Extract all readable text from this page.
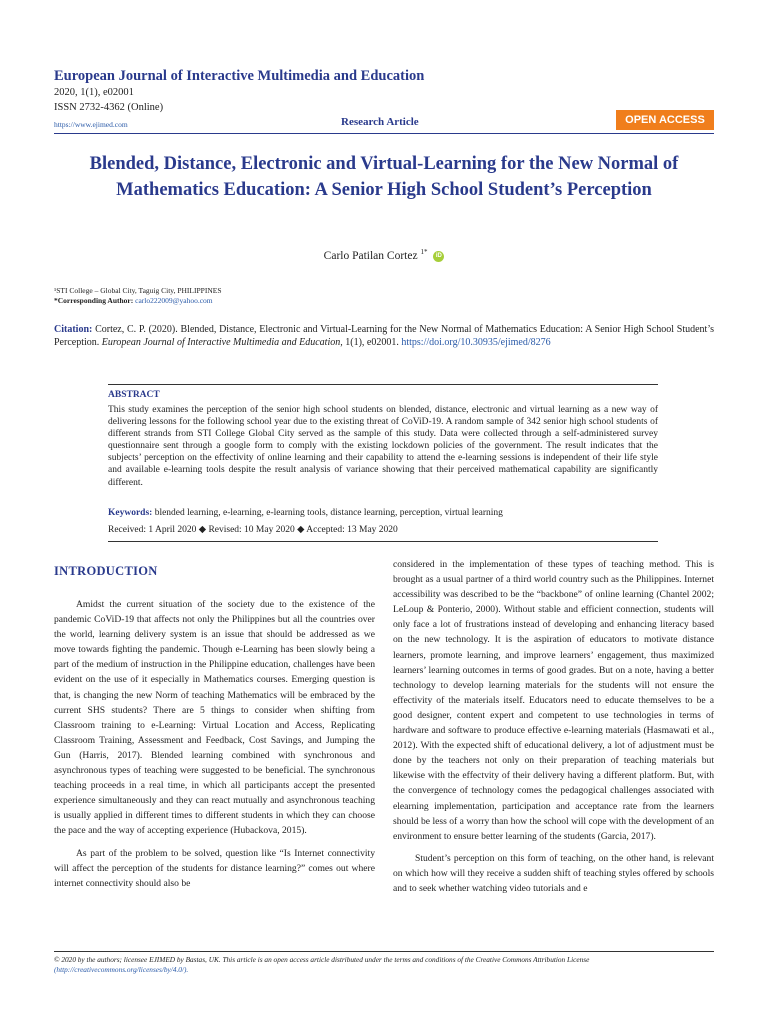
European Journal of Interactive Multimedia and Education
2020, 1(1), e02001
ISSN 2732-4362 (Online)
https://www.ejimed.com	Research Article	OPEN ACCESS
Blended, Distance, Electronic and Virtual-Learning for the New Normal of Mathematics Education: A Senior High School Student’s Perception
Carlo Patilan Cortez $^{1*}$ iD
¹STI College – Global City, Taguig City, PHILIPPINES
*Corresponding Author: carlo222009@yahoo.com
Citation: Cortez, C. P. (2020). Blended, Distance, Electronic and Virtual-Learning for the New Normal of Mathematics Education: A Senior High School Student’s Perception. European Journal of Interactive Multimedia and Education, 1(1), e02001. https://doi.org/10.30935/ejimed/8276
ABSTRACT
This study examines the perception of the senior high school students on blended, distance, electronic and virtual learning as a new way of delivering lessons for the following school year due to the existing threat of CoViD-19. A random sample of 342 senior high school students of different strands from STI College Global City served as the sample of this study. Data were collected through a self-administered survey questionnaire sent through a google form to comply with the existing lockdown policies of the government. The result indicates that the subjects’ perception on the effectivity of online learning and their capability to attend the e-learning sessions is independent of their life style and available e-learning tools despite the result analysis of variance showing that their perceived mathematical capability are significantly different.
Keywords: blended learning, e-learning, e-learning tools, distance learning, perception, virtual learning
Received: 1 April 2020 ◆ Revised: 10 May 2020 ◆ Accepted: 13 May 2020
INTRODUCTION

Amidst the current situation of the society due to the existence of the pandemic CoViD-19 that affects not only the Philippines but all the countries over the world, learning delivery system is an issue that should be addressed as we move towards fighting the pandemic. Though e-Learning has been slowly being a part of the medium of instruction in the Philippine education, challenges have been evident on the use of it especially in Mathematics courses. Emerging question is that, is changing the new Norm of teaching Mathematics will be embraced by the current SHS students? There are 5 things to consider when shifting from Classroom training to e-Learning: Virtual Location and Access, Replicating Classroom Training, Assessment and Feedback, Cost Savings, and Jumping the Gun (Harris, 2017). Blended learning combined with synchronous and asynchronous types of teaching were suggested to be beneficial. The synchronous teaching proceeds in a real time, in which all participants accept the presented experience simultaneously and they can react mutually and asynchronous teaching is usually applied in different times to different students in which they can choose the pace and the way of accepting experience (Hubackova, 2015).

As part of the problem to be solved, question like “Is Internet connectivity will affect the perception of the students for distance learning?” comes out where internet connectivity should also be

considered in the implementation of these types of teaching method. This is brought as a usual partner of a third world country such as the Philippines. Internet accessibility was described to be the “backbone” of online learning (Chantel 2002; LeLoup & Ponterio, 2000). Without stable and efficient connection, students will only face a lot of frustrations instead of developing and enhancing literacy based on the new technology. It is the aspiration of educators to motivate distance learners, promote learning, and improve learners’ engagement, thus maximized learners’ learning outcomes in terms of good grades. But on a note, having a better technology to develop learning materials for the students will not ensure the effectivity of the materials itself. Educators need to educate themselves to be a good designer, content expert and competent to use technologies in terms of hardware and software to produce effective e-learning materials (Hasmawati et al., 2012). With the expected shift of educational delivery, a lot of adjustment must be done by the teachers not only on their preparation of teaching materials but likewise with the effectvity of their delivery having a different platform. But, with the convergence of technology comes the pedagogical challenges associated with elearning implementation, participation and acceptance rate from the learners should be less of a worry than how the school will cope with the development of an environment to ensure better learning of the students (Garcia, 2017).

Student’s perception on this form of teaching, on the other hand, is relevant on which how will they receive a sudden shift of teaching styles offered by schools and to seek whether watching video tutorials and e

© 2020 by the authors; licensee EJIMED by Bastas, UK. This article is an open access article distributed under the terms and conditions of the Creative Commons Attribution License (http://creativecommons.org/licenses/by/4.0/).
